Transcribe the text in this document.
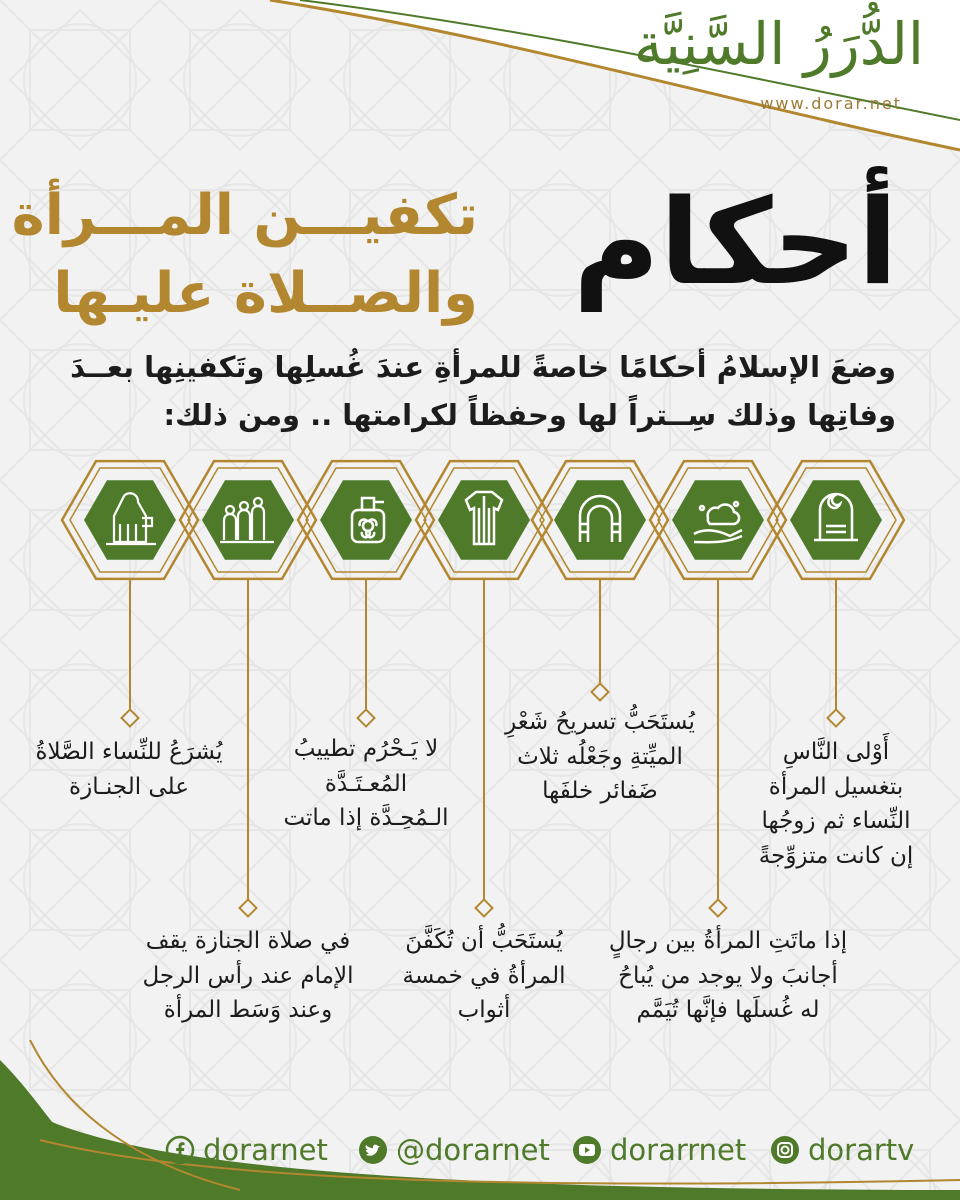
الدُّرَرُ السَّنِيَّة
www.dorar.net
أحكام
تكفيـــن المـــرأة
والصــلاة عليـها
وضعَ الإسلامُ أحكامًا خاصةً للمرأةِ عندَ غُسلِها وتَكفينِها بعــدَ
وفاتِها وذلك سِــتراً لها وحفظاً لكرامتها .. ومن ذلك:
أَوْلى النَّاسِ
بتغسيل المرأة
النِّساء ثم زوجُها
إن كانت متزوِّجةً
إذا ماتَتِ المرأةُ بين رجالٍ
أجانبَ ولا يوجد من يُباحُ
له غُسلَها فإنَّها تُيَمَّم
يُستَحَبُّ تسريحُ شَعْرِ
الميِّتةِ وجَعْلُه ثلاث
ضَفائر خلفَها
يُستَحَبُّ أن تُكَفَّنَ
المرأةُ في خمسة
أثواب
لا يَـحْرُم تطييبُ
المُعـتَـدَّة
الـمُحِـدَّة إذا ماتت
في صلاة الجنازة يقف
الإمام عند رأس الرجل
وعند وَسَط المرأة
يُشرَعُ للنِّساء الصَّلاةُ
على الجنـازة
dorartv
dorarrnet
@dorarnet
dorarnet
